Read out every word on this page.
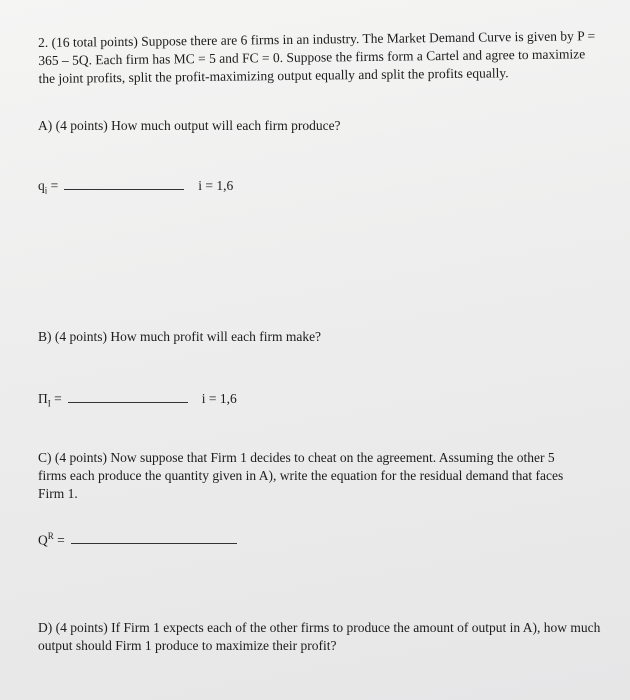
2. (16 total points) Suppose there are 6 firms in an industry. The Market Demand Curve is given by P = 365 – 5Q. Each firm has MC = 5 and FC = 0. Suppose the firms form a Cartel and agree to maximize the joint profits, split the profit-maximizing output equally and split the profits equally.

A) (4 points) How much output will each firm produce?

$q_i$ =	i = 1,6

B) (4 points) How much profit will each firm make?

$\Pi_I$ =	i = 1,6

C) (4 points) Now suppose that Firm 1 decides to cheat on the agreement. Assuming the other 5 firms each produce the quantity given in A), write the equation for the residual demand that faces Firm 1.

$Q^R$ =

D) (4 points) If Firm 1 expects each of the other firms to produce the amount of output in A), how much output should Firm 1 produce to maximize their profit?
